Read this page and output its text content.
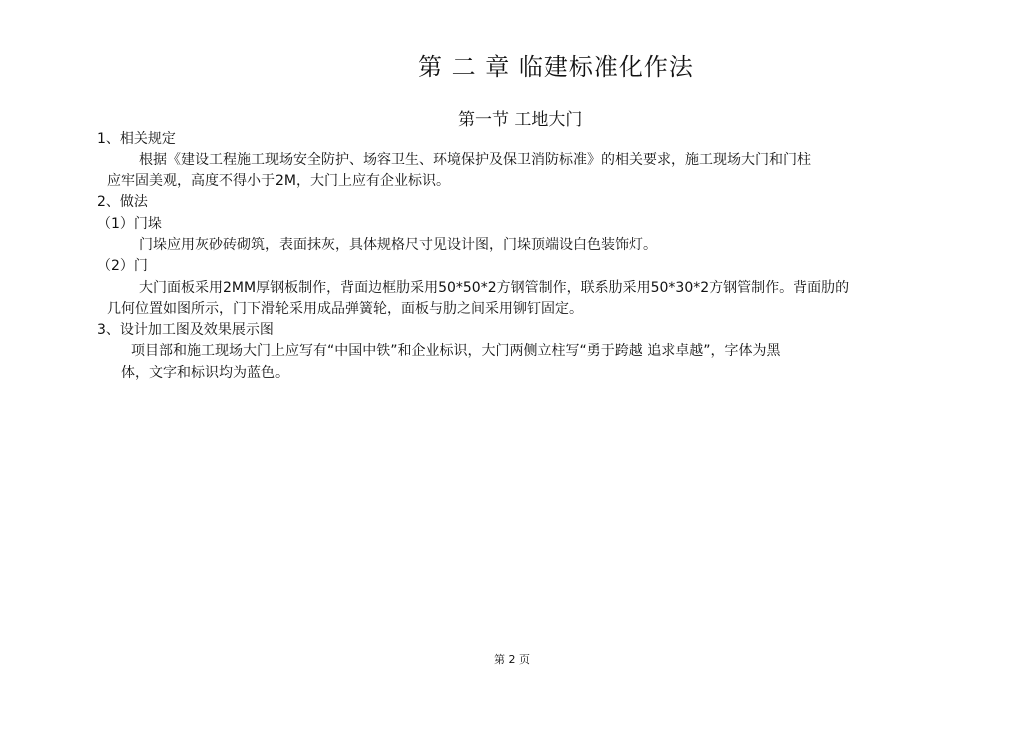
第 二 章 临建标准化作法
第一节 工地大门
1、相关规定
根据《建设工程施工现场安全防护、场容卫生、环境保护及保卫消防标准》的相关要求，施工现场大门和门柱
应牢固美观，高度不得小于2M，大门上应有企业标识。
2、做法
（1）门垛
门垛应用灰砂砖砌筑，表面抹灰，具体规格尺寸见设计图，门垛顶端设白色装饰灯。
（2）门
大门面板采用2MM厚钢板制作，背面边框肋采用50*50*2方钢管制作，联系肋采用50*30*2方钢管制作。背面肋的
几何位置如图所示，门下滑轮采用成品弹簧轮，面板与肋之间采用铆钉固定。
3、设计加工图及效果展示图
项目部和施工现场大门上应写有“中国中铁”和企业标识，大门两侧立柱写“勇于跨越 追求卓越”，字体为黑
体，文字和标识均为蓝色。
第 2 页
